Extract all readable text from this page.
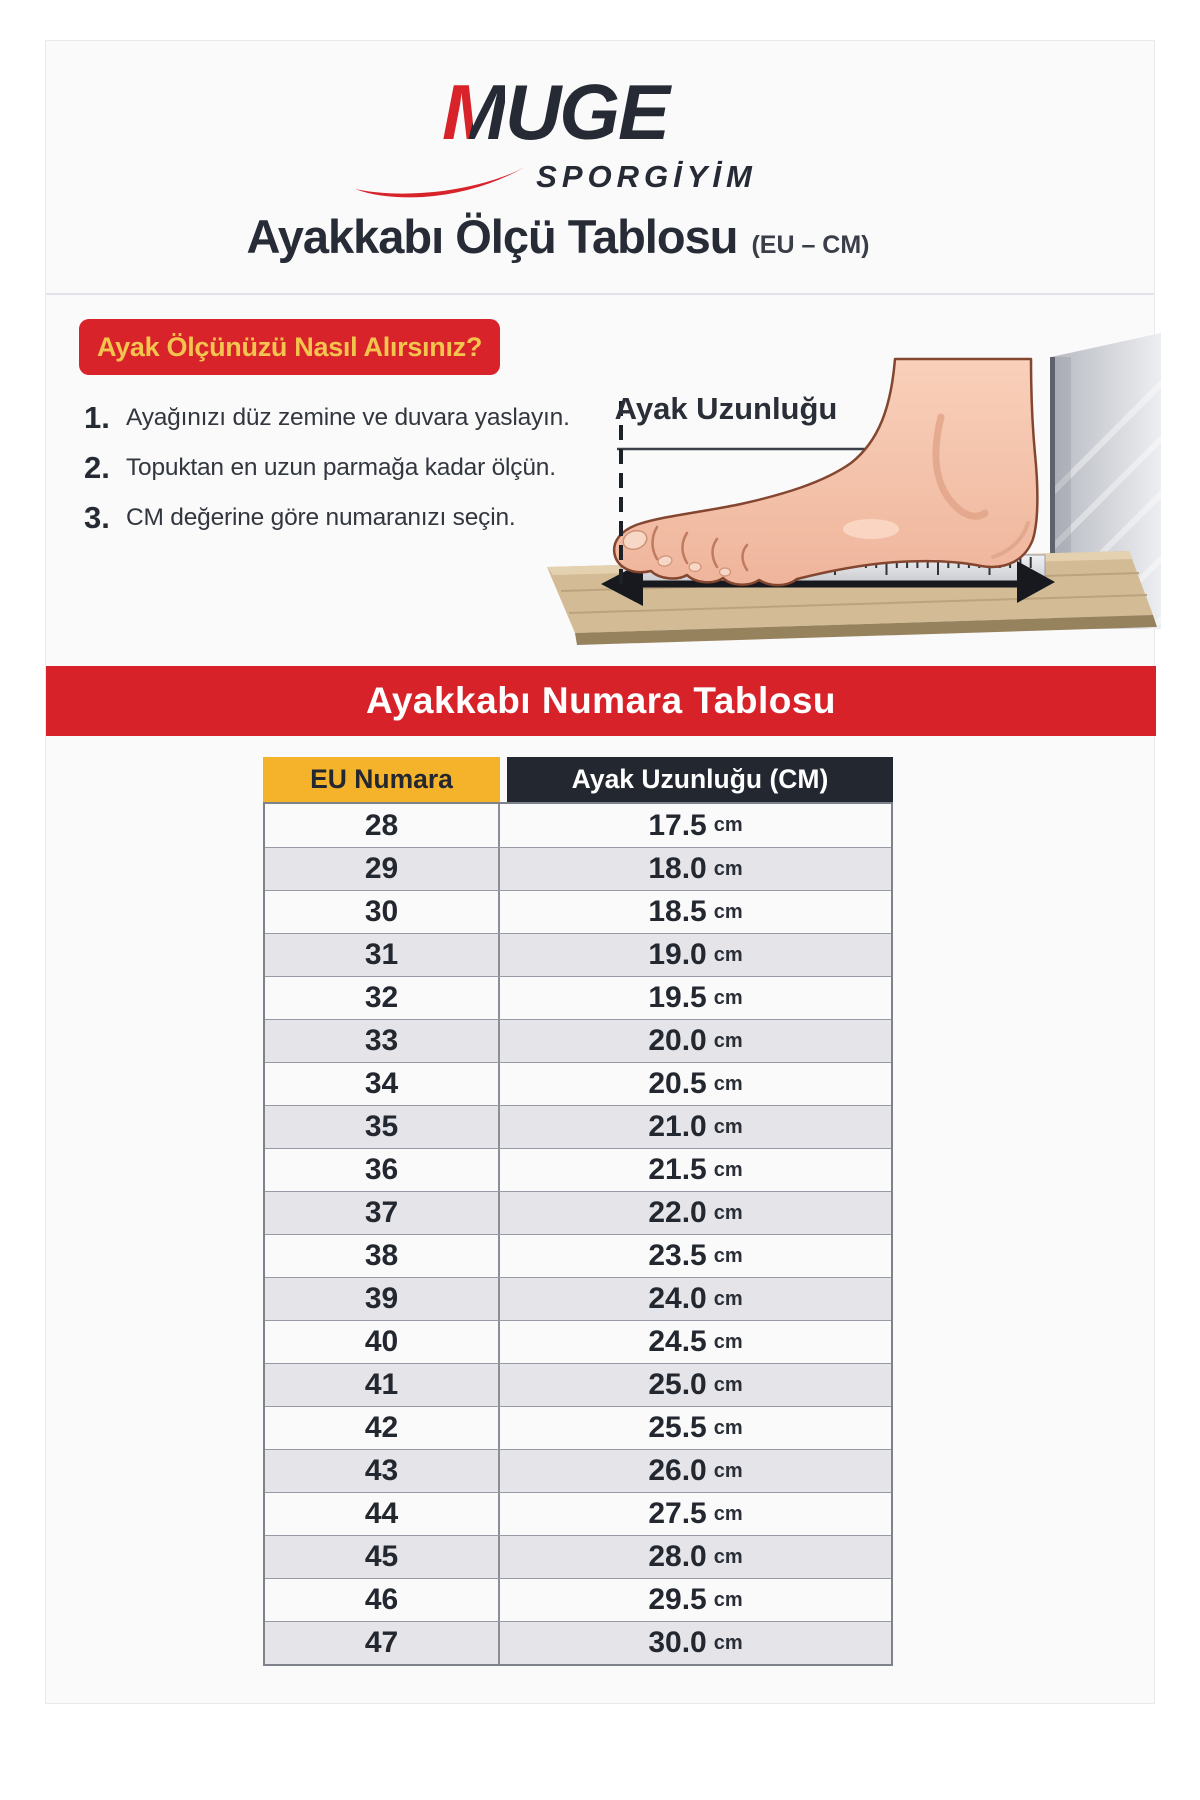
MUGE
SPORGİYİM
Ayakkabı Ölçü Tablosu (EU – CM)
Ayak Ölçünüzü Nasıl Alırsınız?
1. Ayağınızı düz zemine ve duvara yaslayın.
2. Topuktan en uzun parmağa kadar ölçün.
3. CM değerine göre numaranızı seçin.
Ayak Uzunluğu
Ayakkabı Numara Tablosu
EU Numara	Ayak Uzunluğu (CM)
28	17.5 cm
29	18.0 cm
30	18.5 cm
31	19.0 cm
32	19.5 cm
33	20.0 cm
34	20.5 cm
35	21.0 cm
36	21.5 cm
37	22.0 cm
38	23.5 cm
39	24.0 cm
40	24.5 cm
41	25.0 cm
42	25.5 cm
43	26.0 cm
44	27.5 cm
45	28.0 cm
46	29.5 cm
47	30.0 cm
